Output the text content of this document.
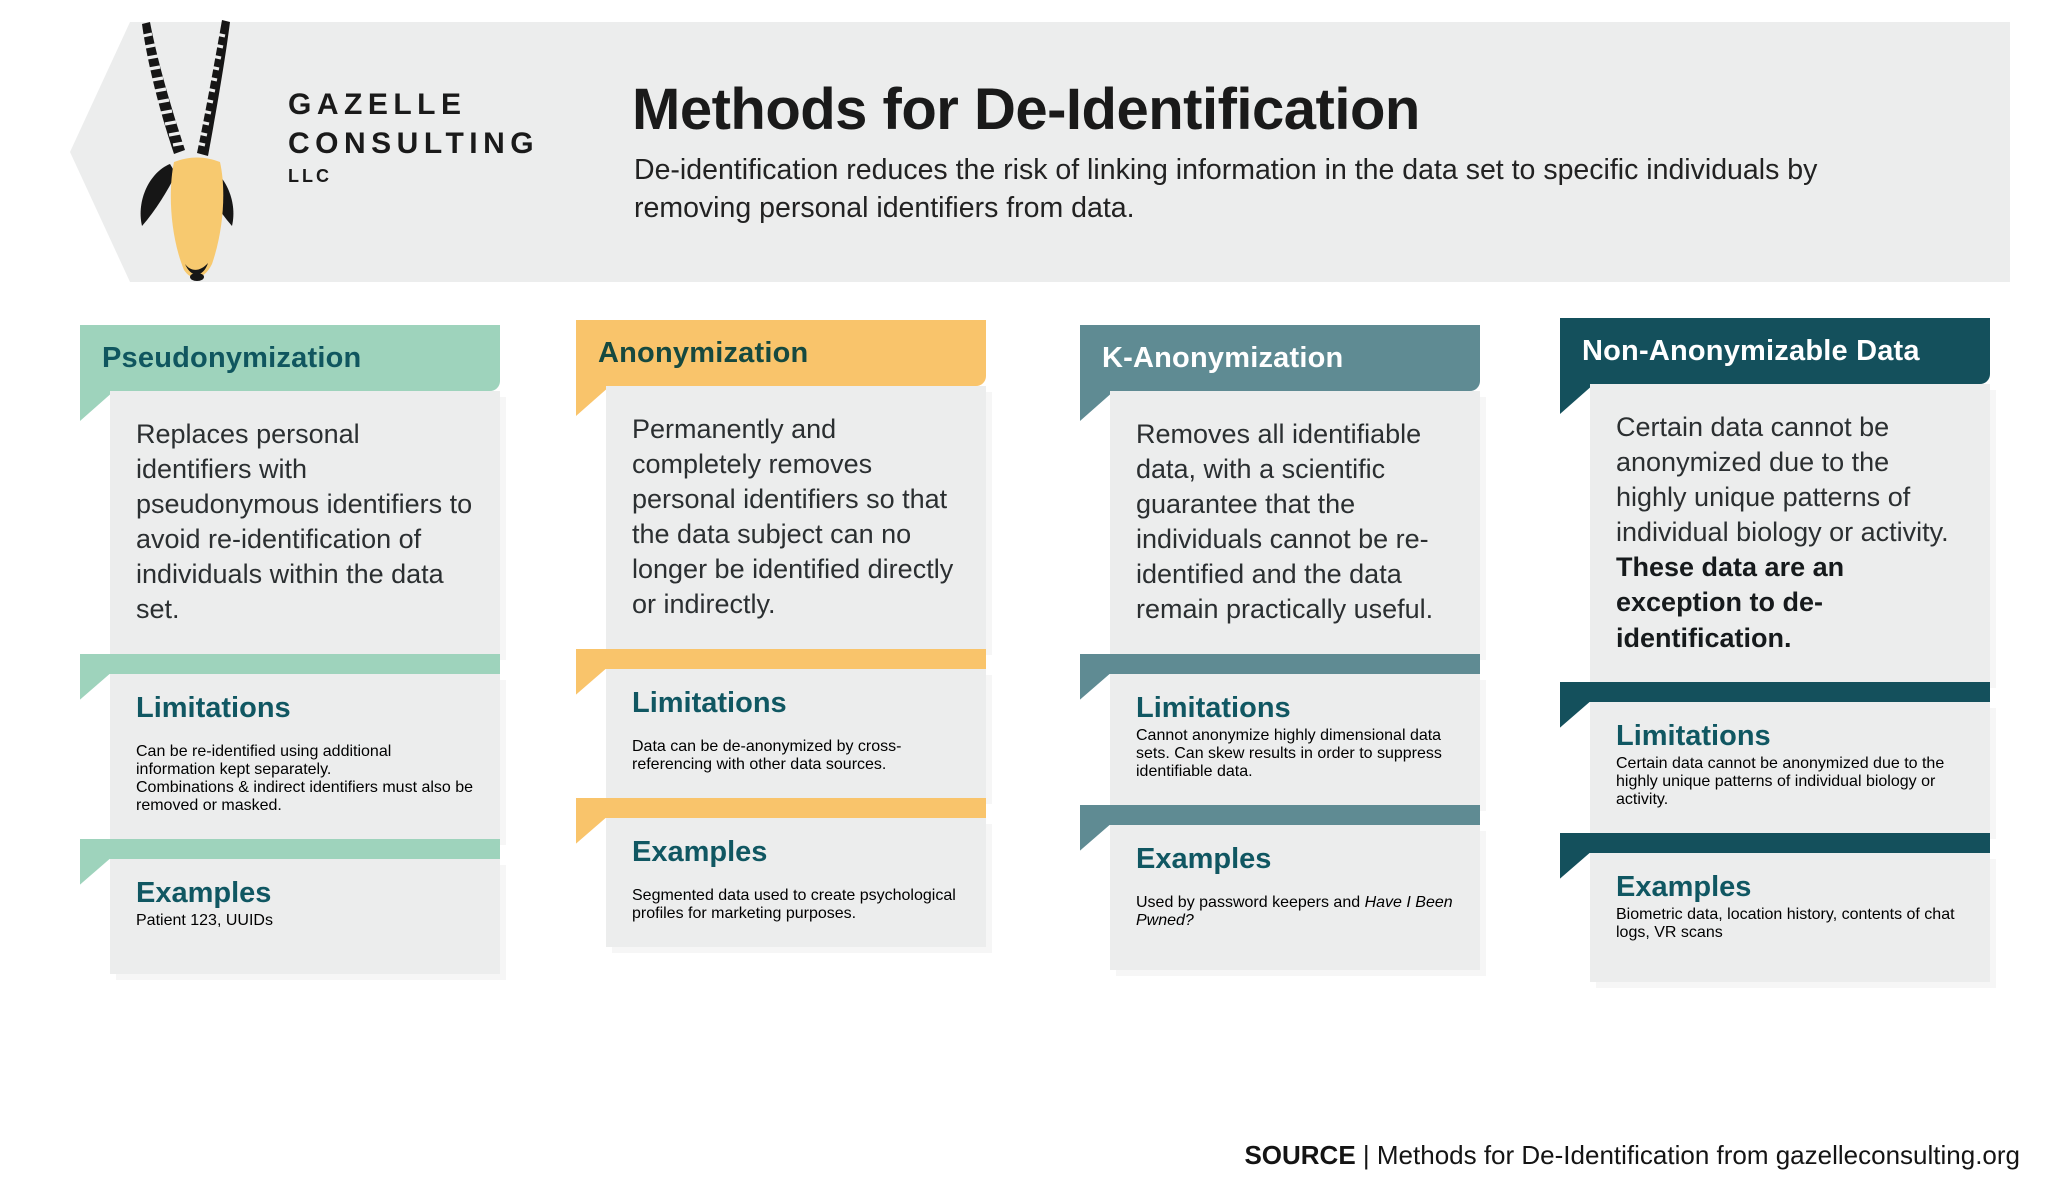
GAZELLE
CONSULTING
LLC
Methods for De-Identification
De-identification reduces the risk of linking information in the data set to specific individuals by removing personal identifiers from data.
Pseudonymization

Replaces personal identifiers with pseudonymous identifiers to avoid re-identification of individuals within the data set.

Limitations

Can be re-identified using additional information kept separately.

Combinations & indirect identifiers must also be removed or masked.

Examples

Patient 123, UUIDs

Anonymization

Permanently and completely removes personal identifiers so that the data subject can no longer be identified directly or indirectly.

Limitations

Data can be de-anonymized by cross-referencing with other data sources.

Examples

Segmented data used to create psychological profiles for marketing purposes.

K-Anonymization

Removes all identifiable data, with a scientific guarantee that the individuals cannot be re-identified and the data remain practically useful.

Limitations

Cannot anonymize highly dimensional data sets. Can skew results in order to suppress identifiable data.

Examples

Used by password keepers and Have I Been Pwned?

Non-Anonymizable Data

Certain data cannot be anonymized due to the highly unique patterns of individual biology or activity. These data are an exception to de-identification.

Limitations

Certain data cannot be anonymized due to the highly unique patterns of individual biology or activity.

Examples

Biometric data, location history, contents of chat logs, VR scans

SOURCE | Methods for De-Identification from gazelleconsulting.org
